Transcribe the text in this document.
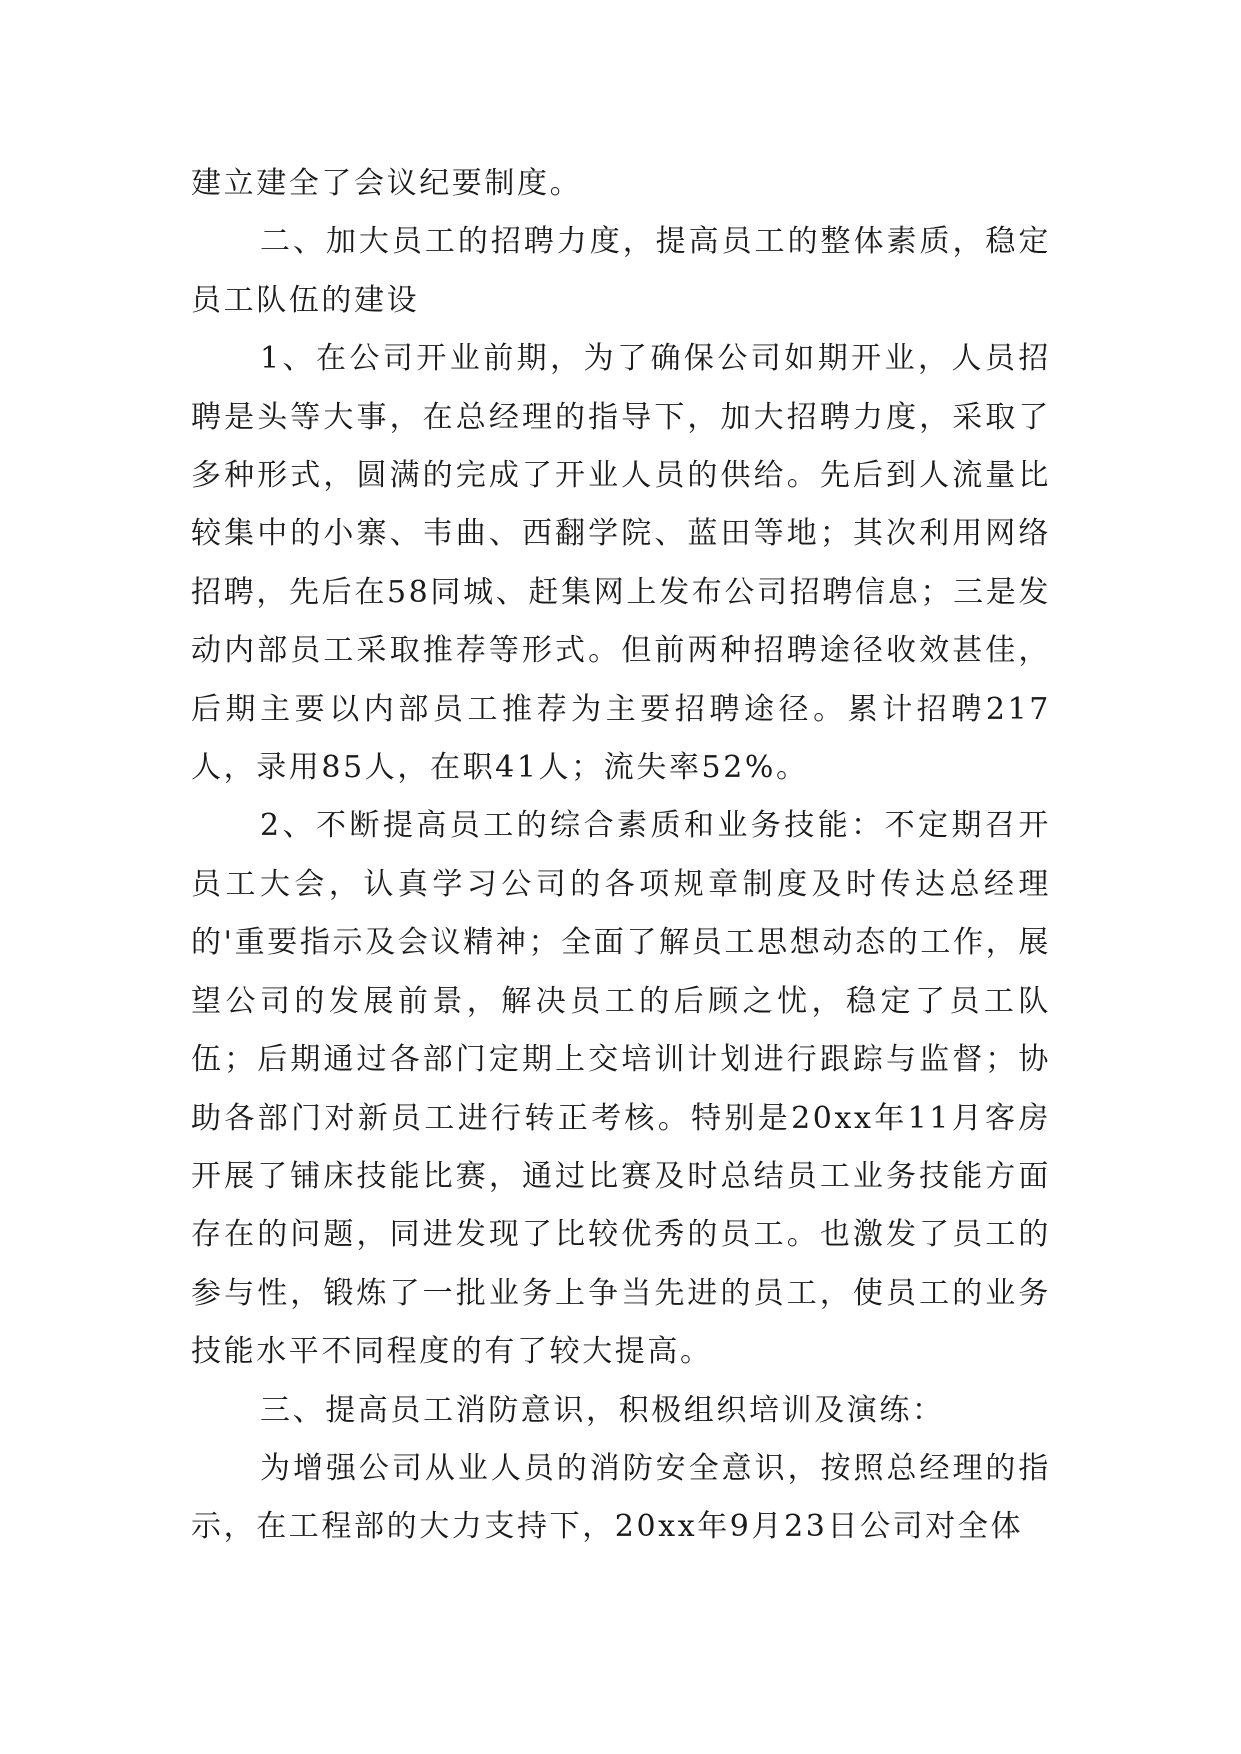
建立建全了会议纪要制度。

二、加大员工的招聘力度，提高员工的整体素质，稳定员工队伍的建设

1、在公司开业前期，为了确保公司如期开业，人员招聘是头等大事，在总经理的指导下，加大招聘力度，采取了多种形式，圆满的完成了开业人员的供给。先后到人流量比较集中的小寨、韦曲、西翻学院、蓝田等地；其次利用网络招聘，先后在58同城、赶集网上发布公司招聘信息；三是发动内部员工采取推荐等形式。但前两种招聘途径收效甚佳，后期主要以内部员工推荐为主要招聘途径。累计招聘217人，录用85人，在职41人；流失率52%。

2、不断提高员工的综合素质和业务技能：不定期召开员工大会，认真学习公司的各项规章制度及时传达总经理的'重要指示及会议精神；全面了解员工思想动态的工作，展望公司的发展前景，解决员工的后顾之忧，稳定了员工队伍；后期通过各部门定期上交培训计划进行跟踪与监督；协助各部门对新员工进行转正考核。特别是20xx年11月客房开展了铺床技能比赛，通过比赛及时总结员工业务技能方面存在的问题，同进发现了比较优秀的员工。也激发了员工的参与性，锻炼了一批业务上争当先进的员工，使员工的业务技能水平不同程度的有了较大提高。

三、提高员工消防意识，积极组织培训及演练：

为增强公司从业人员的消防安全意识，按照总经理的指示，在工程部的大力支持下，20xx年9月23日公司对全体
